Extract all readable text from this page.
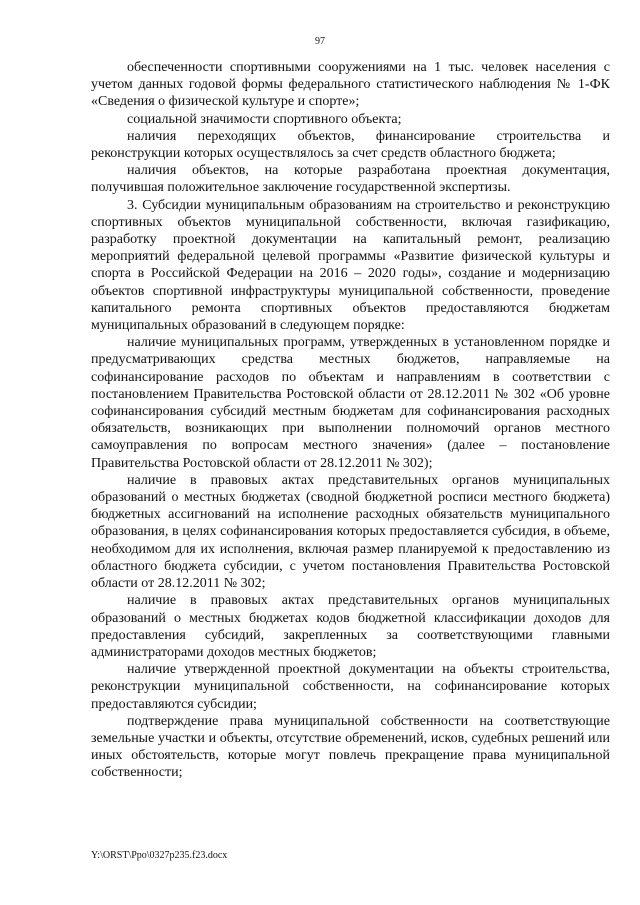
97

обеспеченности спортивными сооружениями на 1 тыс. человек населения с учетом данных годовой формы федерального статистического наблюдения № 1-ФК «Сведения о физической культуре и спорте»;

социальной значимости спортивного объекта;

наличия переходящих объектов, финансирование строительства и реконструкции которых осуществлялось за счет средств областного бюджета;

наличия объектов, на которые разработана проектная документация, получившая положительное заключение государственной экспертизы.

3. Субсидии муниципальным образованиям на строительство и реконструкцию спортивных объектов муниципальной собственности, включая газификацию, разработку проектной документации на капитальный ремонт, реализацию мероприятий федеральной целевой программы «Развитие физической культуры и спорта в Российской Федерации на 2016 – 2020 годы», создание и модернизацию объектов спортивной инфраструктуры муниципальной собственности, проведение капитального ремонта спортивных объектов предоставляются бюджетам муниципальных образований в следующем порядке:

наличие муниципальных программ, утвержденных в установленном порядке и предусматривающих средства местных бюджетов, направляемые на софинансирование расходов по объектам и направлениям в соответствии с постановлением Правительства Ростовской области от 28.12.2011 № 302 «Об уровне софинансирования субсидий местным бюджетам для софинансирования расходных обязательств, возникающих при выполнении полномочий органов местного самоуправления по вопросам местного значения» (далее – постановление Правительства Ростовской области от 28.12.2011 № 302);

наличие в правовых актах представительных органов муниципальных образований о местных бюджетах (сводной бюджетной росписи местного бюджета) бюджетных ассигнований на исполнение расходных обязательств муниципального образования, в целях софинансирования которых предоставляется субсидия, в объеме, необходимом для их исполнения, включая размер планируемой к предоставлению из областного бюджета субсидии, с учетом постановления Правительства Ростовской области от 28.12.2011 № 302;

наличие в правовых актах представительных органов муниципальных образований о местных бюджетах кодов бюджетной классификации доходов для предоставления субсидий, закрепленных за соответствующими главными администраторами доходов местных бюджетов;

наличие утвержденной проектной документации на объекты строительства, реконструкции муниципальной собственности, на софинансирование которых предоставляются субсидии;

подтверждение права муниципальной собственности на соответствующие земельные участки и объекты, отсутствие обременений, исков, судебных решений или иных обстоятельств, которые могут повлечь прекращение права муниципальной собственности;

Y:\ORST\Ppo\0327p235.f23.docx
